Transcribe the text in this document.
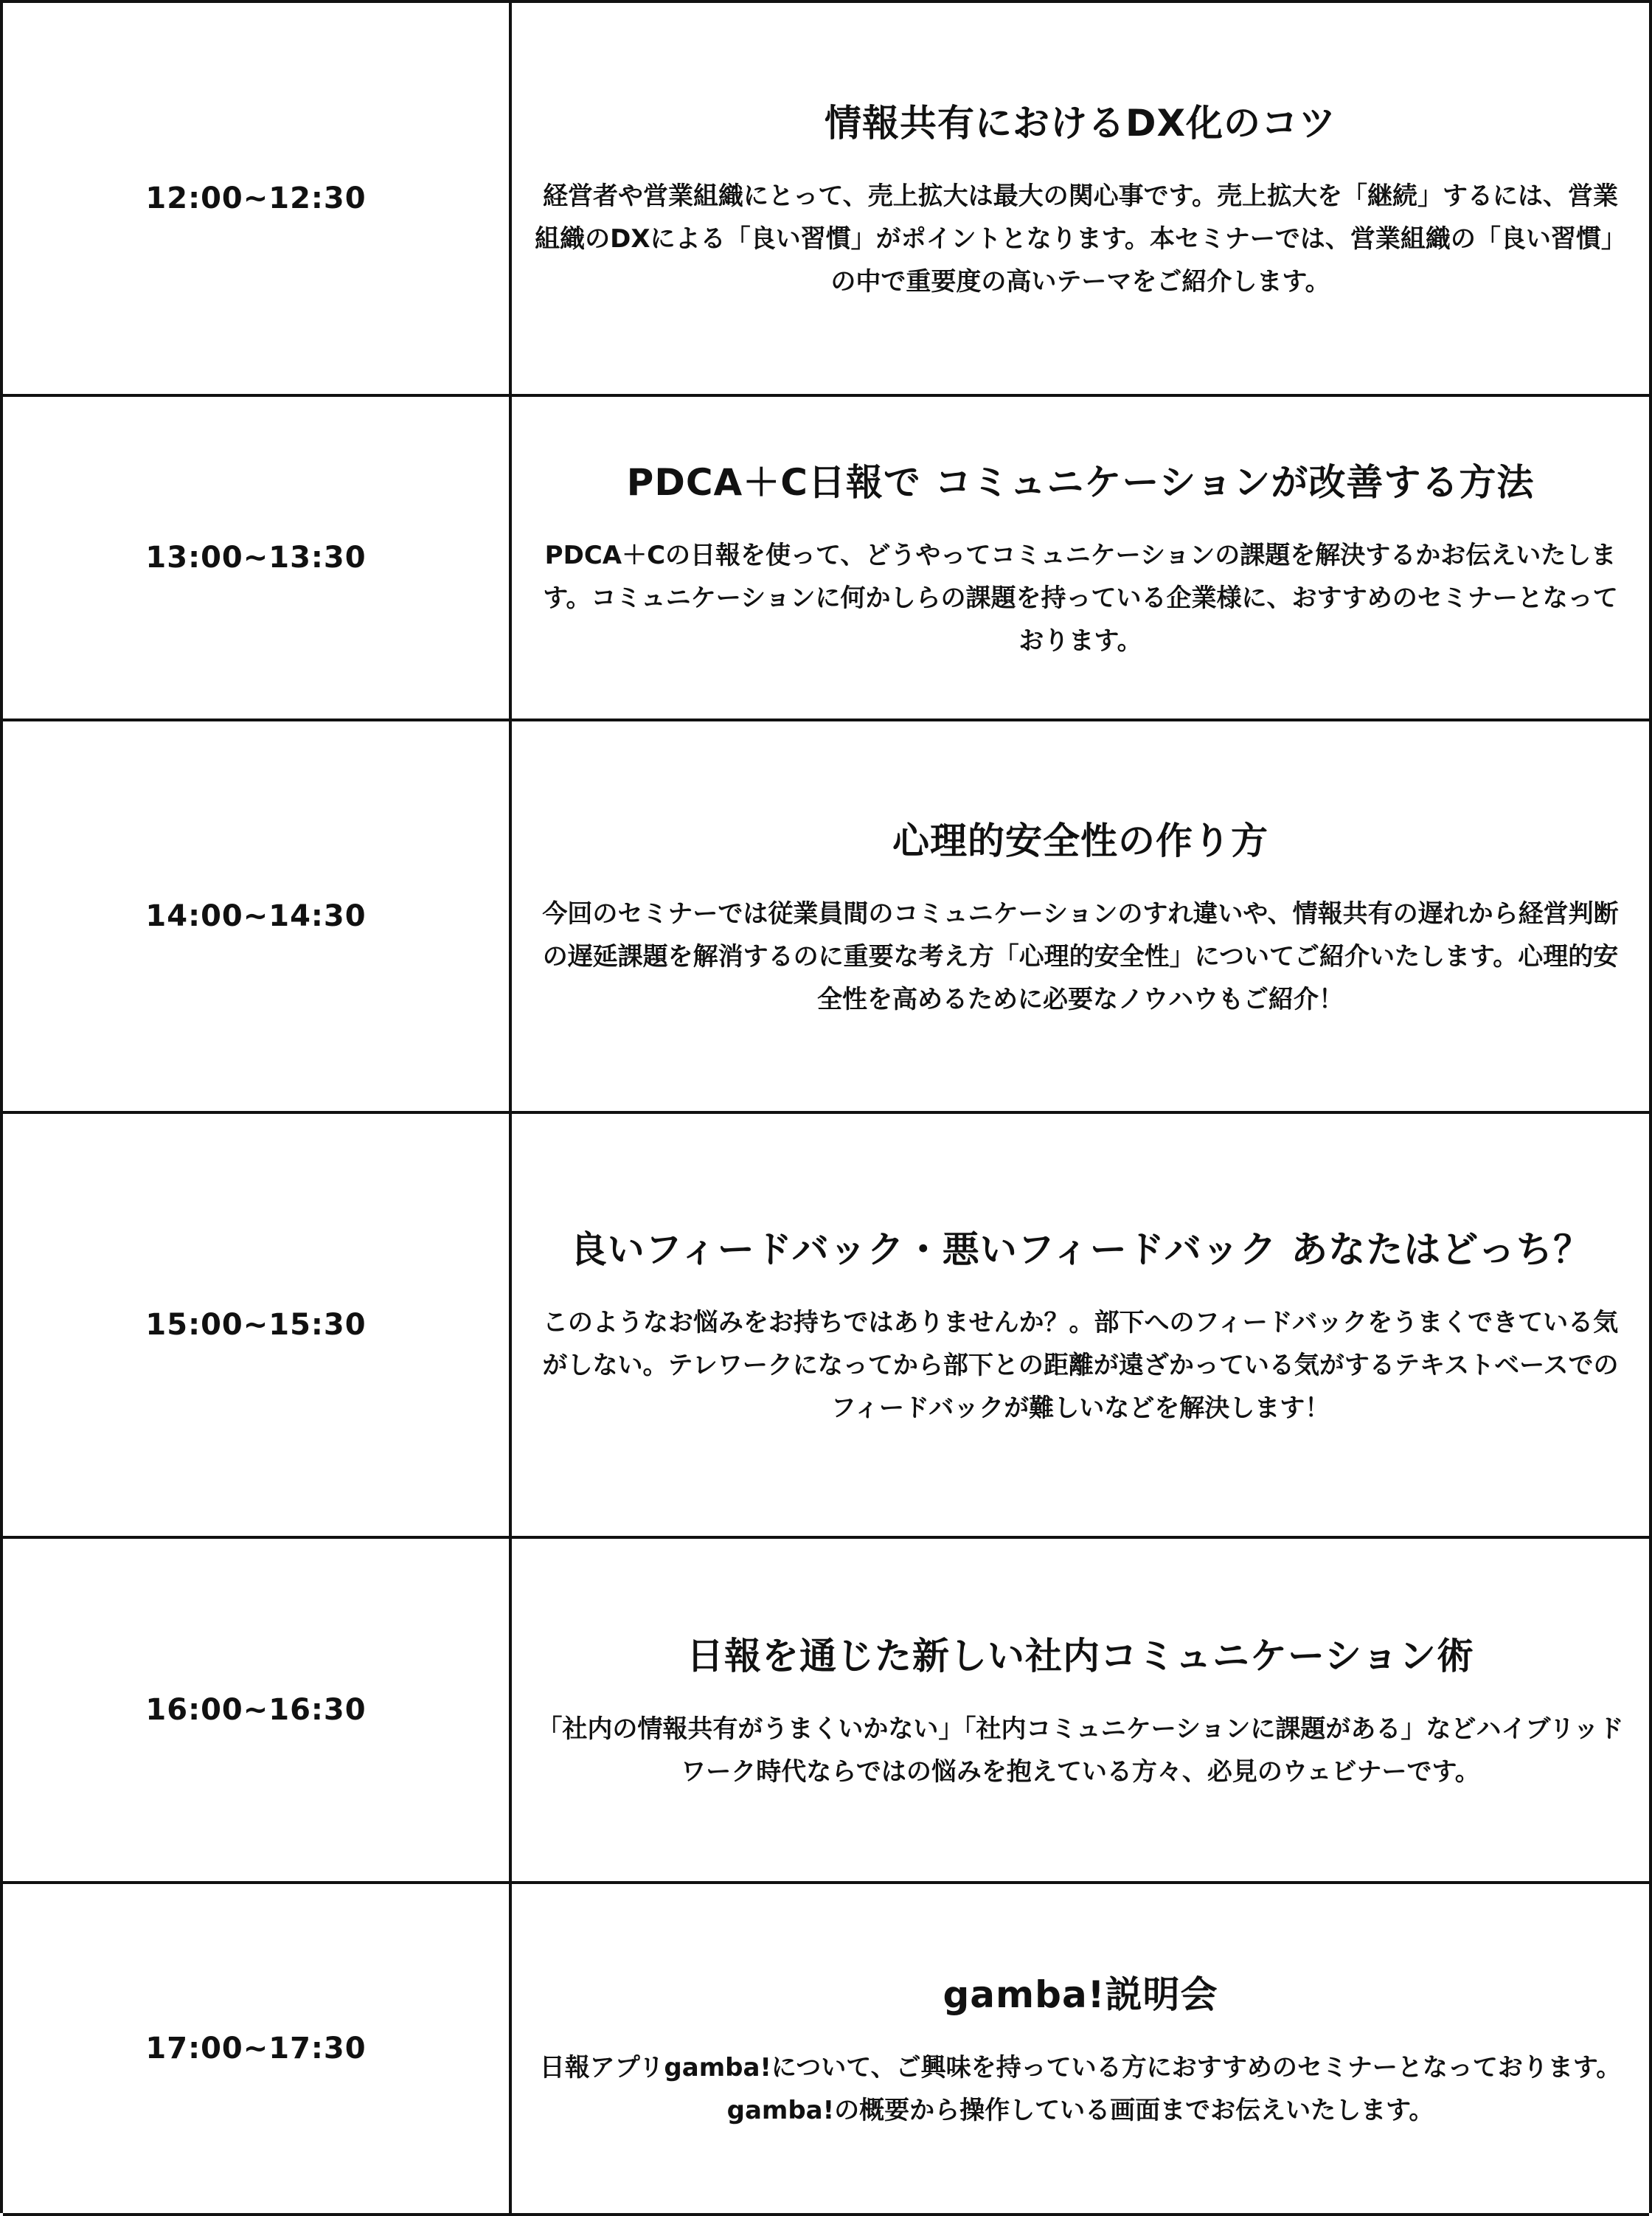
12:00~12:30
情報共有におけるDX化のコツ
経営者や営業組織にとって、売上拡大は最大の関心事です。売上拡大を「継続」するには、営業組織のDXによる「良い習慣」がポイントとなります。本セミナーでは、営業組織の「良い習慣」の中で重要度の高いテーマをご紹介します。
13:00~13:30
PDCA＋C日報で コミュニケーションが改善する方法
PDCA＋Cの日報を使って、どうやってコミュニケーションの課題を解決するかお伝えいたします。コミュニケーションに何かしらの課題を持っている企業様に、おすすめのセミナーとなっております。
14:00~14:30
心理的安全性の作り方
今回のセミナーでは従業員間のコミュニケーションのすれ違いや、情報共有の遅れから経営判断の遅延課題を解消するのに重要な考え方「心理的安全性」についてご紹介いたします。心理的安全性を高めるために必要なノウハウもご紹介！
15:00~15:30
良いフィードバック・悪いフィードバック あなたはどっち？
このようなお悩みをお持ちではありませんか？。部下へのフィードバックをうまくできている気がしない。テレワークになってから部下との距離が遠ざかっている気がするテキストベースでのフィードバックが難しいなどを解決します！
16:00~16:30
日報を通じた新しい社内コミュニケーション術
「社内の情報共有がうまくいかない」「社内コミュニケーションに課題がある」などハイブリッドワーク時代ならではの悩みを抱えている方々、必見のウェビナーです。
17:00~17:30
gamba!説明会
日報アプリgamba!について、ご興味を持っている方におすすめのセミナーとなっております。gamba!の概要から操作している画面までお伝えいたします。
